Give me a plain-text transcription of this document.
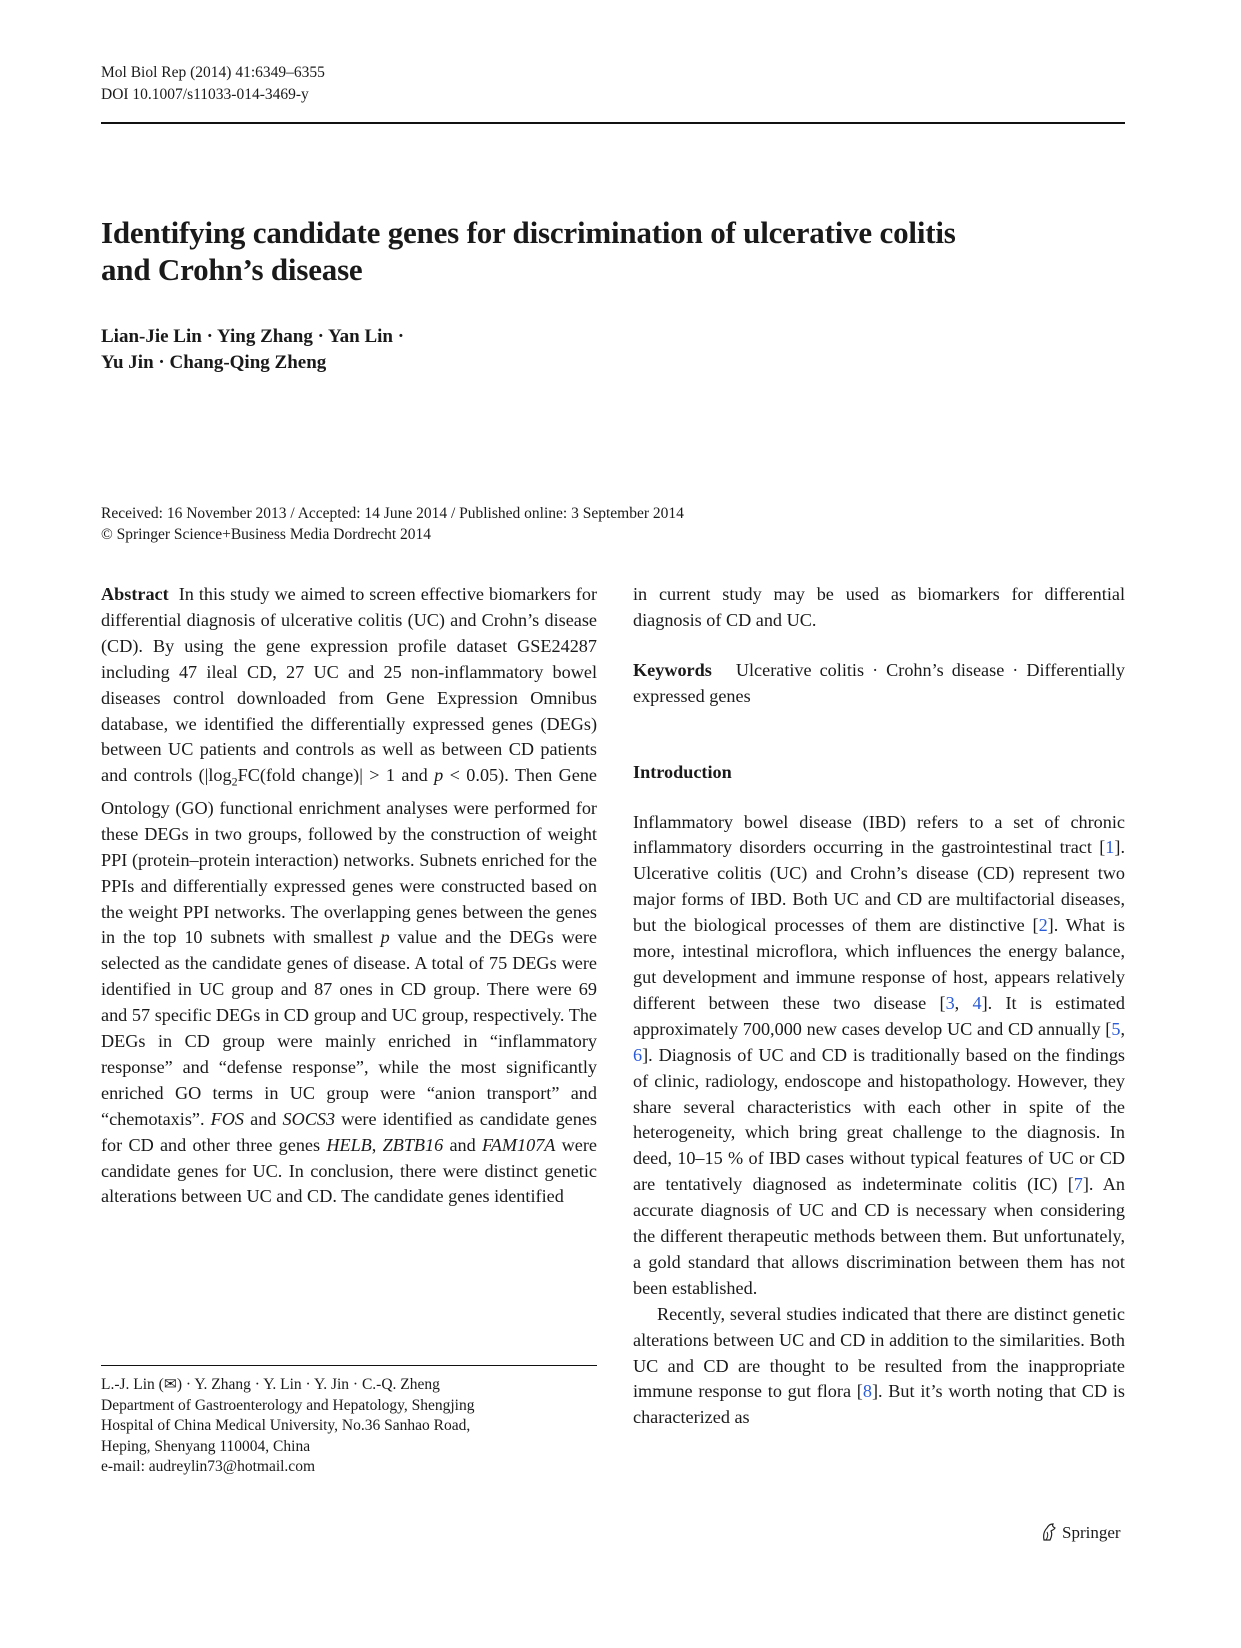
Mol Biol Rep (2014) 41:6349–6355
DOI 10.1007/s11033-014-3469-y
Identifying candidate genes for discrimination of ulcerative colitis
and Crohn’s disease
Lian-Jie Lin · Ying Zhang · Yan Lin ·
Yu Jin · Chang-Qing Zheng
Received: 16 November 2013 / Accepted: 14 June 2014 / Published online: 3 September 2014
© Springer Science+Business Media Dordrecht 2014

Abstract In this study we aimed to screen effective biomarkers for differential diagnosis of ulcerative colitis (UC) and Crohn’s disease (CD). By using the gene expression profile dataset GSE24287 including 47 ileal CD, 27 UC and 25 non-inflammatory bowel diseases control downloaded from Gene Expression Omnibus database, we identified the differentially expressed genes (DEGs) between UC patients and controls as well as between CD patients and controls ($|\log_2FC(fold$ change)| > 1 and p < 0.05). Then Gene Ontology (GO) functional enrichment analyses were performed for these DEGs in two groups, followed by the construction of weight PPI (protein–protein interaction) networks. Subnets enriched for the PPIs and differentially expressed genes were constructed based on the weight PPI networks. The overlapping genes between the genes in the top 10 subnets with smallest p value and the DEGs were selected as the candidate genes of disease. A total of 75 DEGs were identified in UC group and 87 ones in CD group. There were 69 and 57 specific DEGs in CD group and UC group, respectively. The DEGs in CD group were mainly enriched in “inflammatory response” and “defense response”, while the most significantly enriched GO terms in UC group were “anion transport” and “chemotaxis”. FOS and SOCS3 were identified as candidate genes for CD and other three genes HELB, ZBTB16 and FAM107A were candidate genes for UC. In conclusion, there were distinct genetic alterations between UC and CD. The candidate genes identified

in current study may be used as biomarkers for differential diagnosis of CD and UC.

Keywords Ulcerative colitis · Crohn’s disease · Differentially expressed genes

Introduction

Inflammatory bowel disease (IBD) refers to a set of chronic inflammatory disorders occurring in the gastrointestinal tract [1]. Ulcerative colitis (UC) and Crohn’s disease (CD) represent two major forms of IBD. Both UC and CD are multifactorial diseases, but the biological processes of them are distinctive [2]. What is more, intestinal microflora, which influences the energy balance, gut development and immune response of host, appears relatively different between these two disease [3, 4]. It is estimated approximately 700,000 new cases develop UC and CD annually [5, 6]. Diagnosis of UC and CD is traditionally based on the findings of clinic, radiology, endoscope and histopathology. However, they share several characteristics with each other in spite of the heterogeneity, which bring great challenge to the diagnosis. In deed, 10–15 % of IBD cases without typical features of UC or CD are tentatively diagnosed as indeterminate colitis (IC) [7]. An accurate diagnosis of UC and CD is necessary when considering the different therapeutic methods between them. But unfortunately, a gold standard that allows discrimination between them has not been established.

Recently, several studies indicated that there are distinct genetic alterations between UC and CD in addition to the similarities. Both UC and CD are thought to be resulted from the inappropriate immune response to gut flora [8]. But it’s worth noting that CD is characterized as

L.-J. Lin (✉) · Y. Zhang · Y. Lin · Y. Jin · C.-Q. Zheng
Department of Gastroenterology and Hepatology, Shengjing
Hospital of China Medical University, No.36 Sanhao Road,
Heping, Shenyang 110004, China
e-mail: audreylin73@hotmail.com
Springer
